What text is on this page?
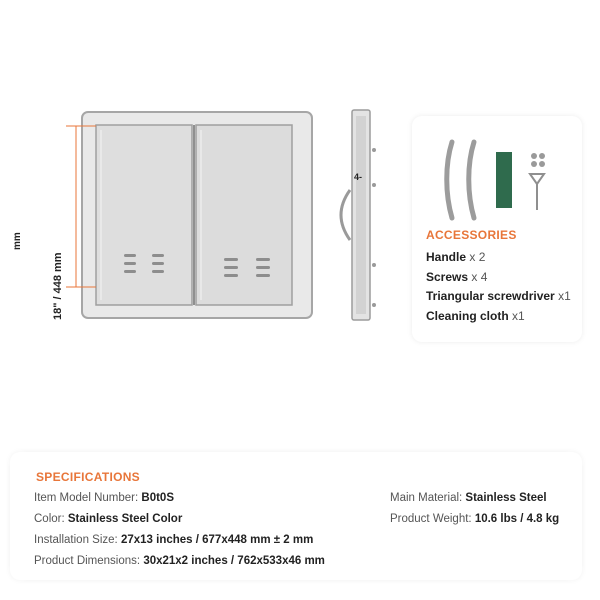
mm
18" / 448 mm
4-
ACCESSORIES
Handle x 2
Screws x 4
Triangular screwdriver x1
Cleaning cloth x1
SPECIFICATIONS
Item Model Number: B0t0S
Color: Stainless Steel Color
Installation Size: 27x13 inches / 677x448 mm ± 2 mm
Product Dimensions: 30x21x2 inches / 762x533x46 mm
Main Material: Stainless Steel
Product Weight: 10.6 lbs / 4.8 kg
